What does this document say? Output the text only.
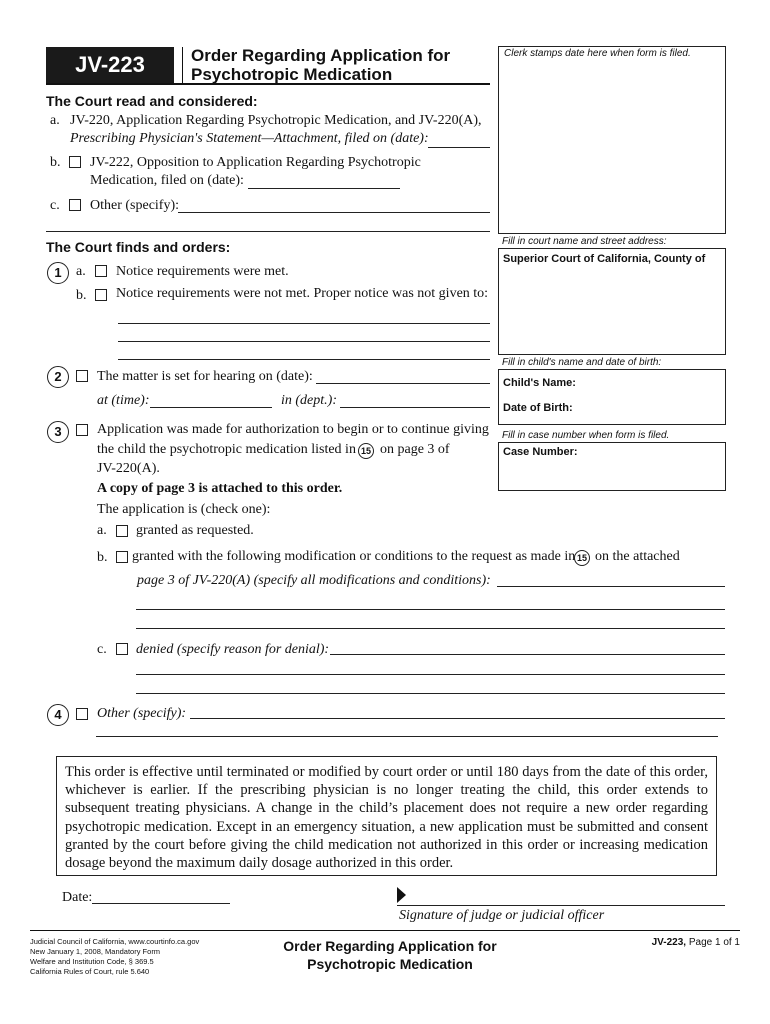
JV-223	Order Regarding Application for
Psychotropic Medication
Clerk stamps date here when form is filed.
Fill in court name and street address:
Superior Court of California, County of
Fill in child's name and date of birth:
Child's Name:
Date of Birth:
Fill in case number when form is filed.
Case Number:
The Court read and considered:
a. JV-220, Application Regarding Psychotropic Medication, and JV-220(A),
Prescribing Physician's Statement—Attachment, filed on (date):
b. JV-222, Opposition to Application Regarding Psychotropic
Medication, filed on (date):
c. Other (specify):
The Court finds and orders:
1	a. Notice requirements were met.
b. Notice requirements were not met. Proper notice was not given to:
2	The matter is set for hearing on (date):
at (time):	in (dept.):
3	Application was made for authorization to begin or to continue giving
the child the psychotropic medication listed in 15 on page 3 of
JV-220(A).
A copy of page 3 is attached to this order.
The application is (check one):
a. granted as requested.
b. granted with the following modification or conditions to the request as made in 15 on the attached
page 3 of JV-220(A) (specify all modifications and conditions):
c. denied (specify reason for denial):
4	Other (specify):
This order is effective until terminated or modified by court order or until 180 days from the date of this order, whichever is earlier. If the prescribing physician is no longer treating the child, this order extends to subsequent treating physicians. A change in the child’s placement does not require a new order regarding psychotropic medication. Except in an emergency situation, a new application must be submitted and consent granted by the court before giving the child medication not authorized in this order or increasing medication dosage beyond the maximum daily dosage authorized in this order.
Date:
Signature of judge or judicial officer
Judicial Council of California, www.courtinfo.ca.gov
New January 1, 2008, Mandatory Form
Welfare and Institution Code, § 369.5
California Rules of Court, rule 5.640
Order Regarding Application for
Psychotropic Medication
JV-223, Page 1 of 1
